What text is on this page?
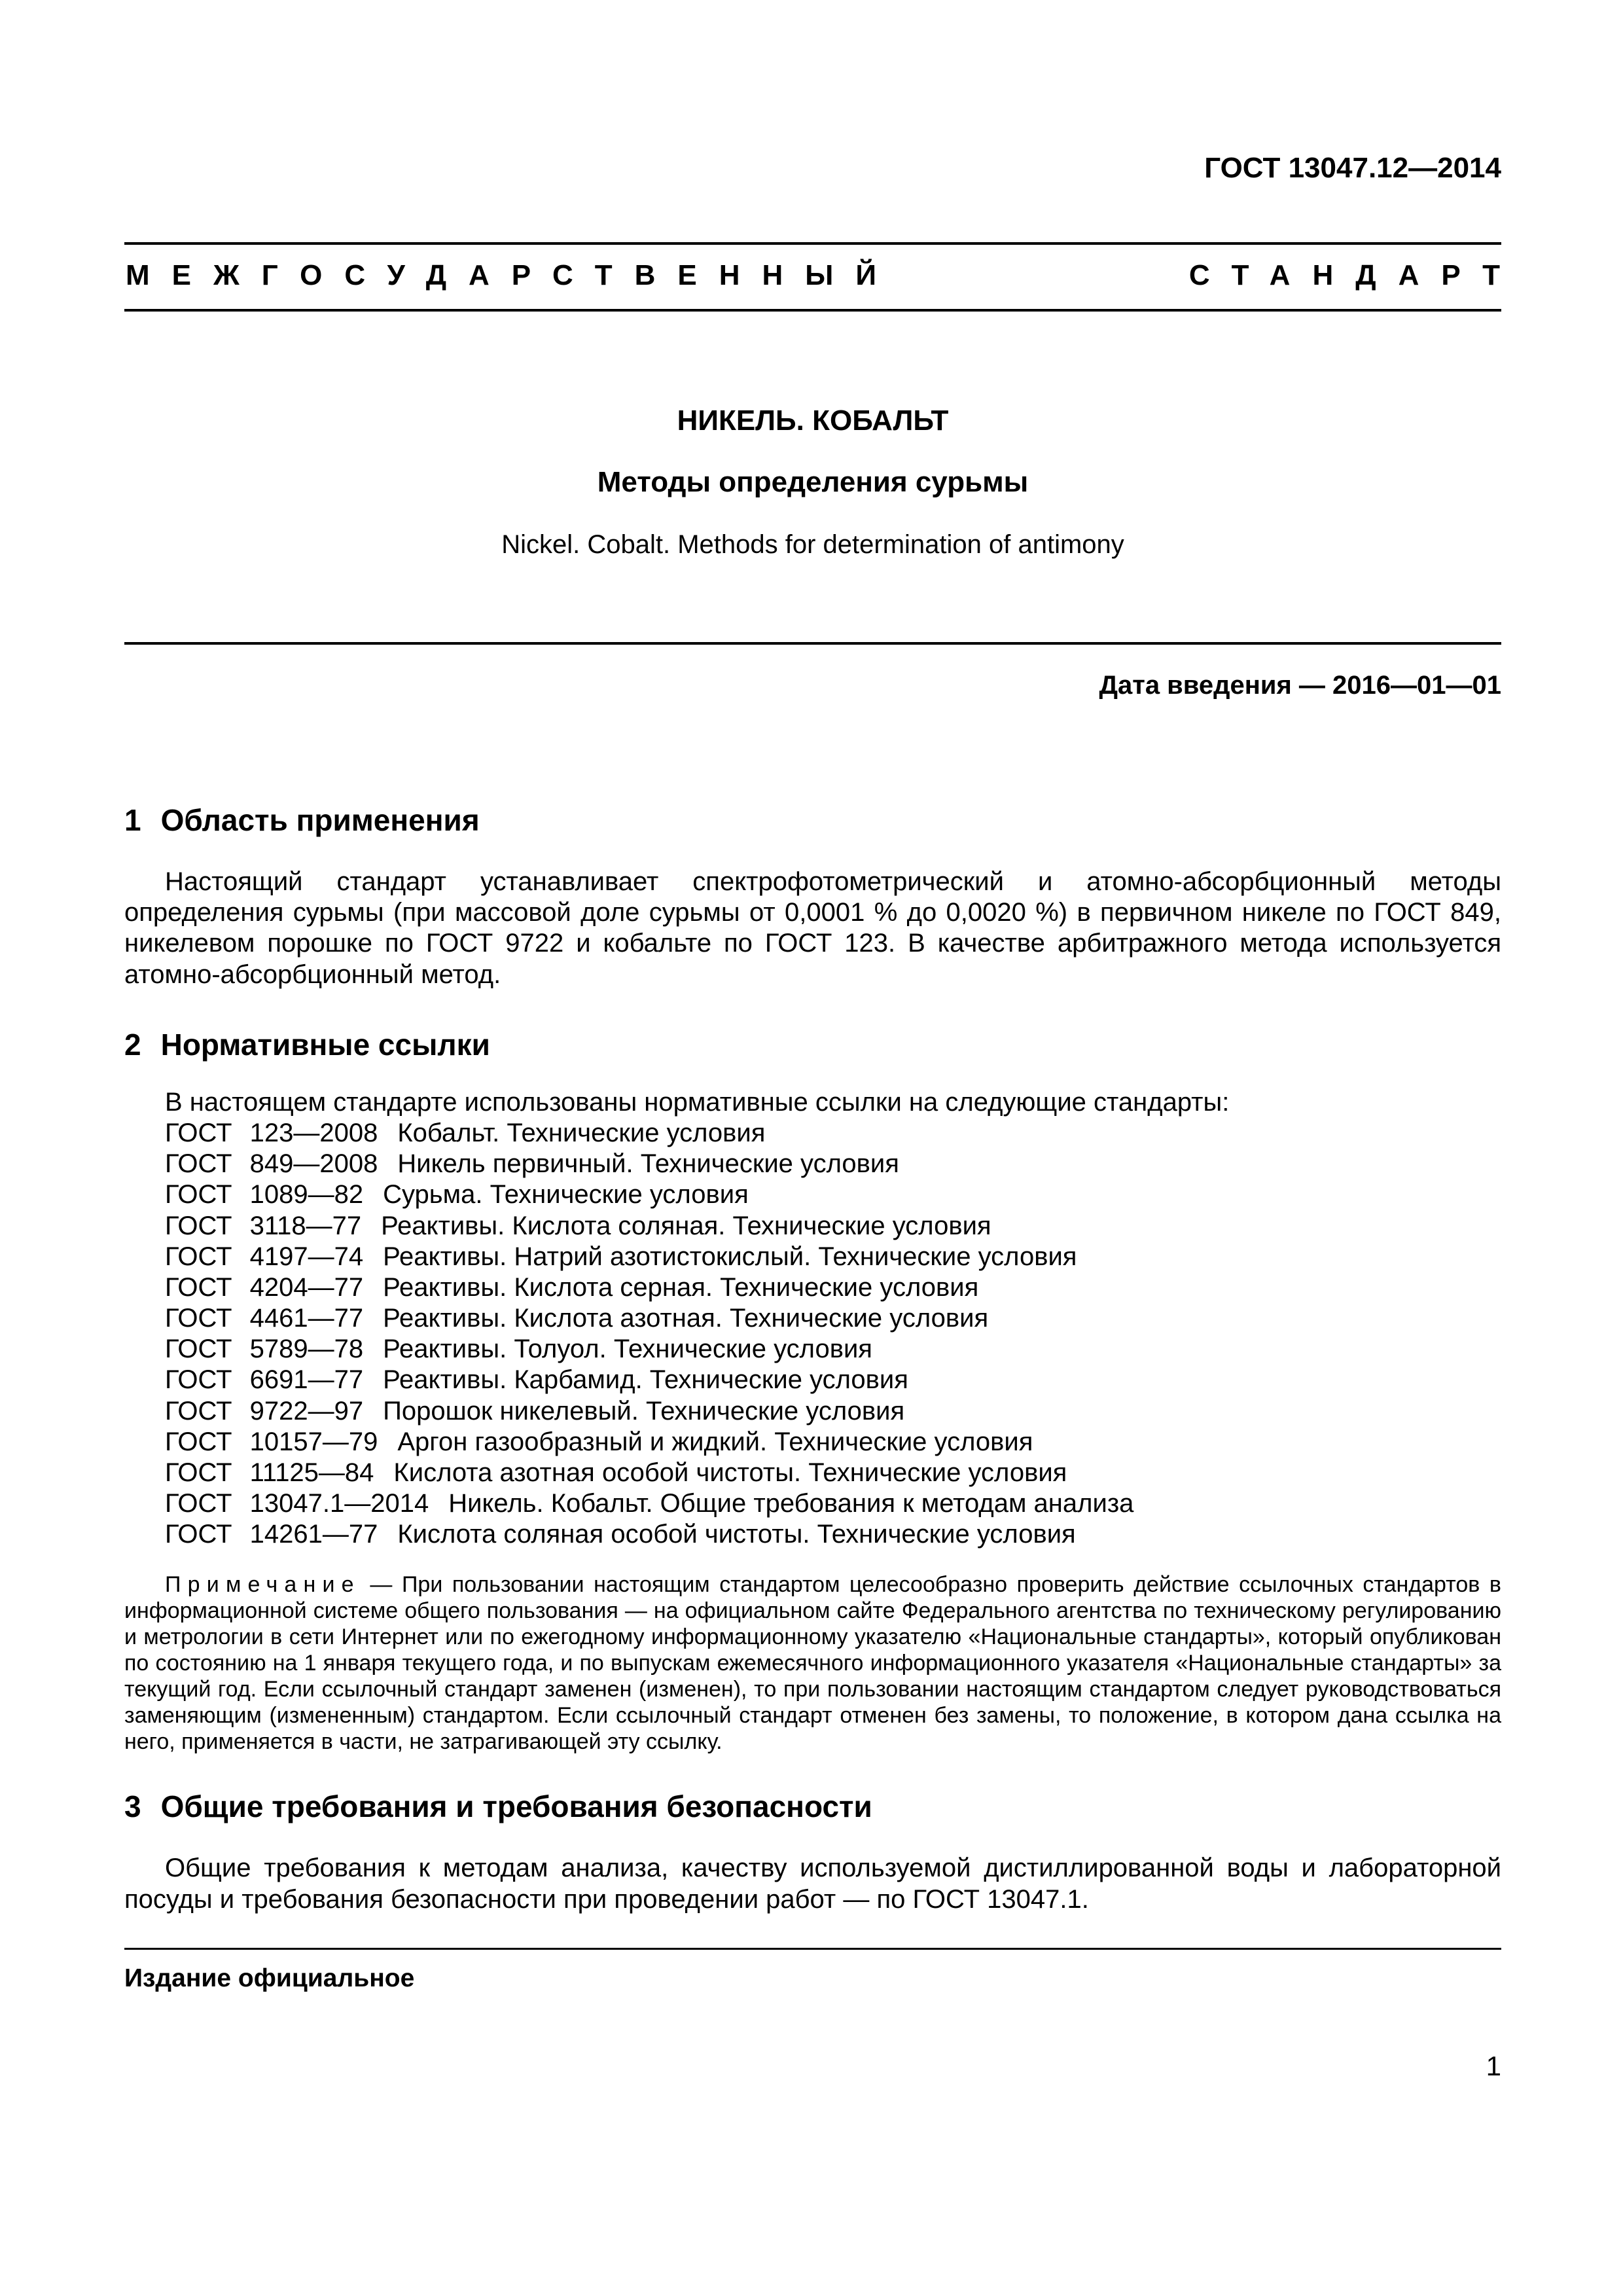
ГОСТ 13047.12—2014
МЕЖГОСУДАРСТВЕННЫЙ	СТАНДАРТ
НИКЕЛЬ. КОБАЛЬТ
Методы определения сурьмы
Nickel. Cobalt. Methods for determination of antimony
Дата введения — 2016—01—01
1 Область применения

Настоящий стандарт устанавливает спектрофотометрический и атомно-абсорбционный методы определения сурьмы (при массовой доле сурьмы от 0,0001 % до 0,0020 %) в первичном никеле по ГОСТ 849, никелевом порошке по ГОСТ 9722 и кобальте по ГОСТ 123. В качестве арбитражного метода используется атомно-абсорбционный метод.

2 Нормативные ссылки

В настоящем стандарте использованы нормативные ссылки на следующие стандарты:

ГОСТ 123—2008 Кобальт. Технические условия
ГОСТ 849—2008 Никель первичный. Технические условия
ГОСТ 1089—82 Сурьма. Технические условия
ГОСТ 3118—77 Реактивы. Кислота соляная. Технические условия
ГОСТ 4197—74 Реактивы. Натрий азотистокислый. Технические условия
ГОСТ 4204—77 Реактивы. Кислота серная. Технические условия
ГОСТ 4461—77 Реактивы. Кислота азотная. Технические условия
ГОСТ 5789—78 Реактивы. Толуол. Технические условия
ГОСТ 6691—77 Реактивы. Карбамид. Технические условия
ГОСТ 9722—97 Порошок никелевый. Технические условия
ГОСТ 10157—79 Аргон газообразный и жидкий. Технические условия
ГОСТ 11125—84 Кислота азотная особой чистоты. Технические условия
ГОСТ 13047.1—2014 Никель. Кобальт. Общие требования к методам анализа
ГОСТ 14261—77 Кислота соляная особой чистоты. Технические условия

Примечание — При пользовании настоящим стандартом целесообразно проверить действие ссылочных стандартов в информационной системе общего пользования — на официальном сайте Федерального агентства по техническому регулированию и метрологии в сети Интернет или по ежегодному информационному указателю «Национальные стандарты», который опубликован по состоянию на 1 января текущего года, и по выпускам ежемесячного информационного указателя «Национальные стандарты» за текущий год. Если ссылочный стандарт заменен (изменен), то при пользовании настоящим стандартом следует руководствоваться заменяющим (измененным) стандартом. Если ссылочный стандарт отменен без замены, то положение, в котором дана ссылка на него, применяется в части, не затрагивающей эту ссылку.

3 Общие требования и требования безопасности

Общие требования к методам анализа, качеству используемой дистиллированной воды и лабораторной посуды и требования безопасности при проведении работ — по ГОСТ 13047.1.

Издание официальное
1
